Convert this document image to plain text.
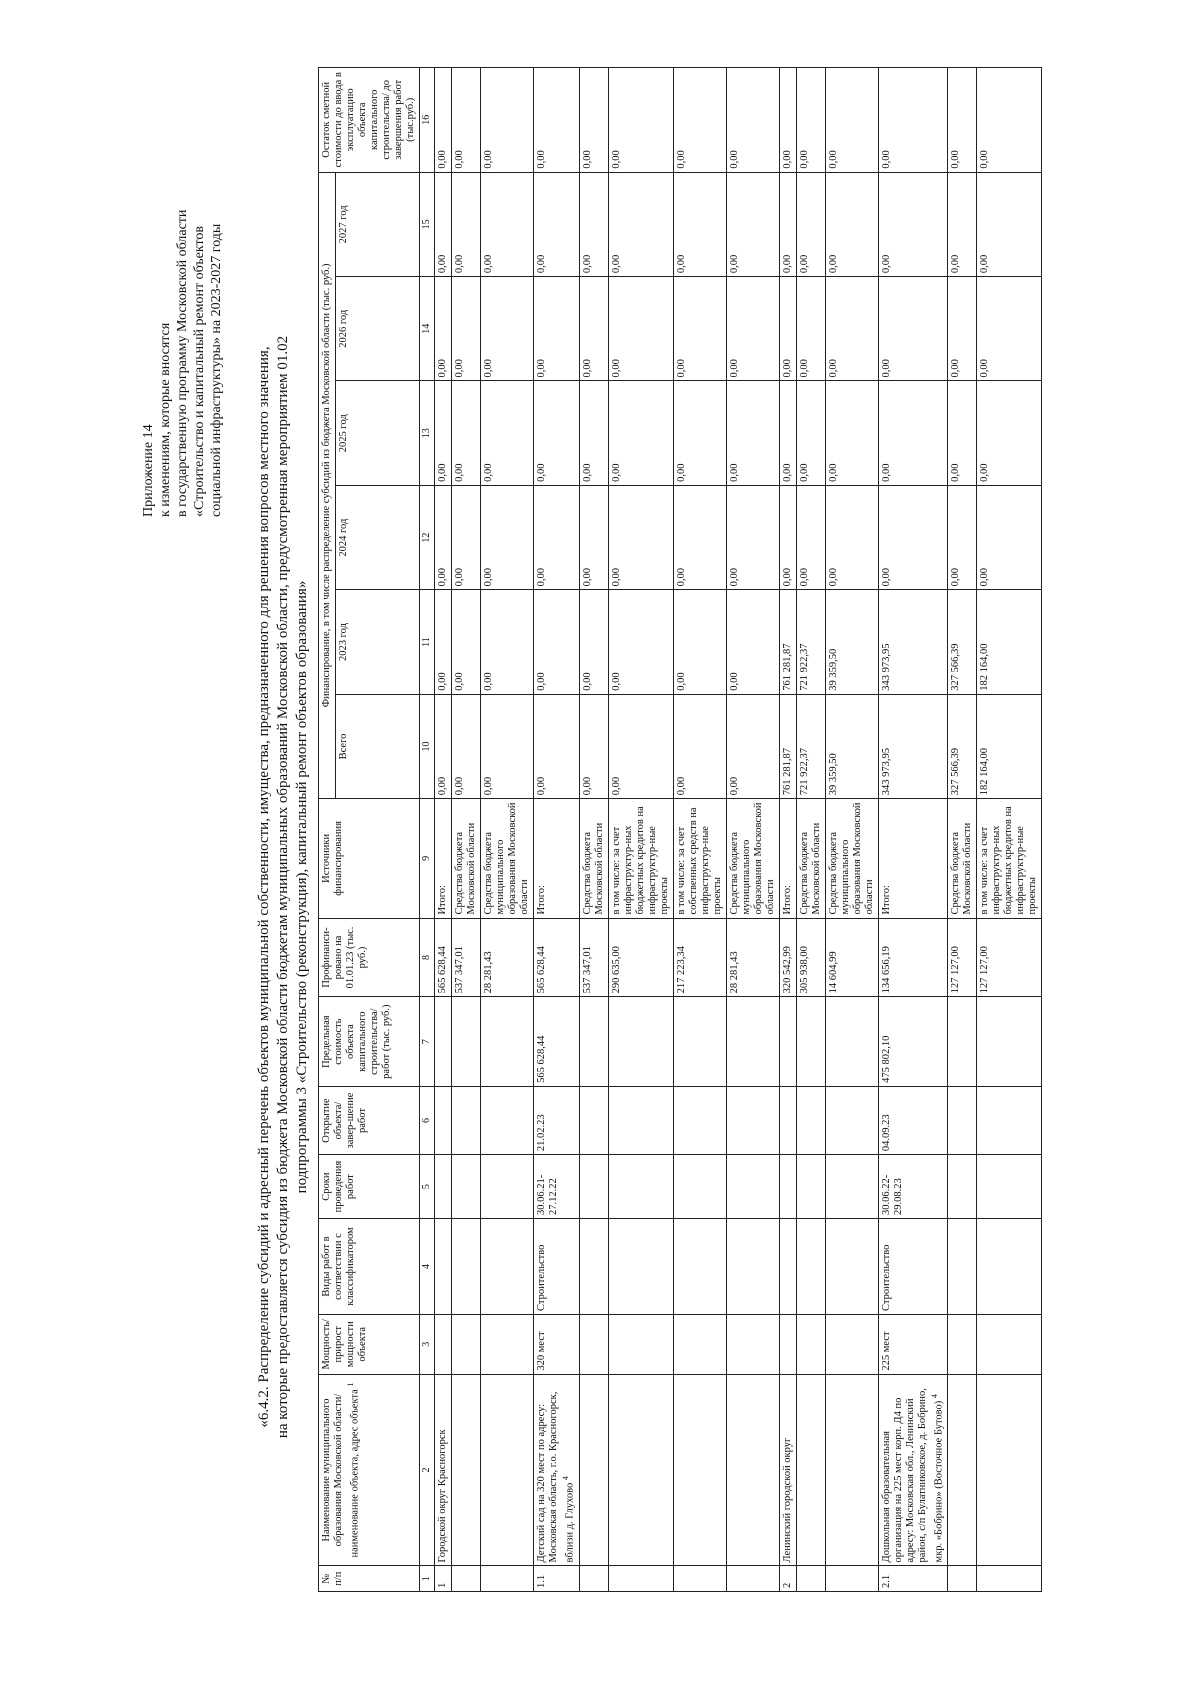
Приложение 14 к изменениям, которые вносятся в государственную программу Московской области «Строительство и капитальный ремонт объектов социальной инфраструктуры» на 2023-2027 годы «6.4.2. Распределение субсидий и адресный перечень объектов муниципальной собственности, имущества, предназначенного для решения вопросов местного значения, на которые предоставляется субсидия из бюджета Московской области бюджетам муниципальных образований Московской области, предусмотренная мероприятием 01.02 подпрограммы 3 «Строительство (реконструкция), капитальный ремонт объектов образования»
№ п/п	Наименование муниципального образования Московской области/ наименование объекта, адрес объекта $^1$	Мощность/ прирост мощности объекта	Виды работ в соответствии с классификатором	Сроки проведения работ	Открытие объекта/завер-шение работ	Предельная стоимость объекта капитального строительства/ работ (тыс. руб.)	Профинанси-ровано на 01.01.23 (тыс. руб.)	Источники финансирования	Финансирование, в том числе распределение субсидий из бюджета Московской области (тыс. руб.)						Остаток сметной стоимости до ввода в эксплуатацию объекта капитального строительства/ до завершения работ (тыс.руб.)
									Всего	2023 год	2024 год	2025 год	2026 год	2027 год	
1	2	3	4	5	6	7	8	9	10	11	12	13	14	15	16
1	Городской округ Красногорск						565 628,44	Итого:	0,00	0,00	0,00	0,00	0,00	0,00	0,00
							537 347,01	Средства бюджета Московской области	0,00	0,00	0,00	0,00	0,00	0,00	0,00
							28 281,43	Средства бюджета муниципального образования Московской области	0,00	0,00	0,00	0,00	0,00	0,00	0,00
1.1	Детский сад на 320 мест по адресу: Московская область, г.о. Красногорск, вблизи д. Глухово $^4$	320 мест	Строительство	30.06.21-27.12.22	21.02.23	565 628,44	565 628,44	Итого:	0,00	0,00	0,00	0,00	0,00	0,00	0,00
							537 347,01	Средства бюджета Московской области	0,00	0,00	0,00	0,00	0,00	0,00	0,00
							290 635,00	в том числе: за счет инфраструктур-ных бюджетных кредитов на инфраструктур-ные проекты	0,00	0,00	0,00	0,00	0,00	0,00	0,00
							217 223,34	в том числе: за счет собственных средств на инфраструктур-ные проекты	0,00	0,00	0,00	0,00	0,00	0,00	0,00
							28 281,43	Средства бюджета муниципального образования Московской области	0,00	0,00	0,00	0,00	0,00	0,00	0,00
2	Ленинский городской округ						320 542,99	Итого:	761 281,87	761 281,87	0,00	0,00	0,00	0,00	0,00
							305 938,00	Средства бюджета Московской области	721 922,37	721 922,37	0,00	0,00	0,00	0,00	0,00
							14 604,99	Средства бюджета муниципального образования Московской области	39 359,50	39 359,50	0,00	0,00	0,00	0,00	0,00
2.1	Дошкольная образовательная организация на 225 мест корп. Д4 по адресу: Московская обл., Ленинский район, с/п Булатниковское, д. Бобрино, мкр. «Бобрино» (Восточное Бутово) $^4$	225 мест	Строительство	30.06.22-29.08.23	04.09.23	475 802,10	134 656,19	Итого:	343 973,95	343 973,95	0,00	0,00	0,00	0,00	0,00
							127 127,00	Средства бюджета Московской области	327 566,39	327 566,39	0,00	0,00	0,00	0,00	0,00
							127 127,00	в том числе: за счет инфраструктур-ных бюджетных кредитов на инфраструктур-ные проекты	182 164,00	182 164,00	0,00	0,00	0,00	0,00	0,00
